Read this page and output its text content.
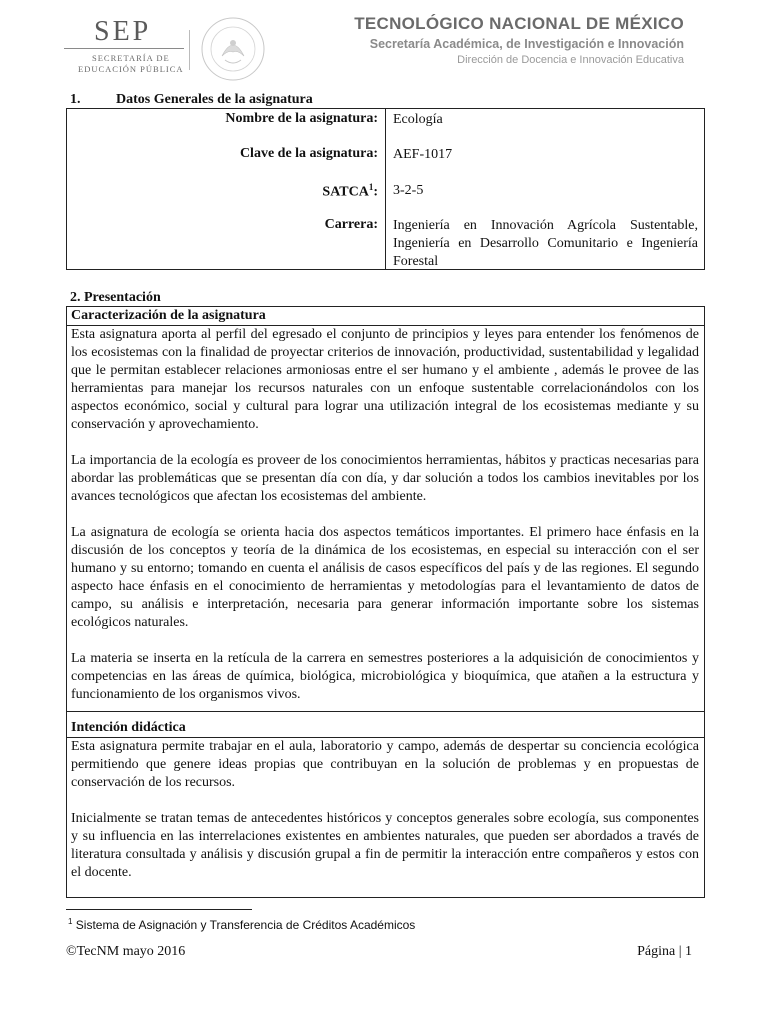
SEP
SECRETARÍA DE
EDUCACIÓN PÚBLICA
TECNOLÓGICO NACIONAL DE MÉXICO
Secretaría Académica, de Investigación e Innovación
Dirección de Docencia e Innovación Educativa
1.	Datos Generales de la asignatura
Nombre de la asignatura: Ecología
Clave de la asignatura: AEF-1017
SATCA$^1$: 3-2-5
Carrera: Ingeniería en Innovación Agrícola Sustentable, Ingeniería en Desarrollo Comunitario e Ingeniería Forestal
2. Presentación
Caracterización de la asignatura
Esta asignatura aporta al perfil del egresado el conjunto de principios y leyes para entender los fenómenos de los ecosistemas con la finalidad de proyectar criterios de innovación, productividad, sustentabilidad y legalidad que le permitan establecer relaciones armoniosas entre el ser humano y el ambiente , además le provee de las herramientas para manejar los recursos naturales con un enfoque sustentable correlacionándolos con los aspectos económico, social y cultural para lograr una utilización integral de los ecosistemas mediante y su conservación y aprovechamiento.
La importancia de la ecología es proveer de los conocimientos herramientas, hábitos y practicas necesarias para abordar las problemáticas que se presentan día con día, y dar solución a todos los cambios inevitables por los avances tecnológicos que afectan los ecosistemas del ambiente.
La asignatura de ecología se orienta hacia dos aspectos temáticos importantes. El primero hace énfasis en la discusión de los conceptos y teoría de la dinámica de los ecosistemas, en especial su interacción con el ser humano y su entorno; tomando en cuenta el análisis de casos específicos del país y de las regiones. El segundo aspecto hace énfasis en el conocimiento de herramientas y metodologías para el levantamiento de datos de campo, su análisis e interpretación, necesaria para generar información importante sobre los sistemas ecológicos naturales.
La materia se inserta en la retícula de la carrera en semestres posteriores a la adquisición de conocimientos y competencias en las áreas de química, biológica, microbiológica y bioquímica, que atañen a la estructura y funcionamiento de los organismos vivos.
Intención didáctica
Esta asignatura permite trabajar en el aula, laboratorio y campo, además de despertar su conciencia ecológica permitiendo que genere ideas propias que contribuyan en la solución de problemas y en propuestas de conservación de los recursos.
Inicialmente se tratan temas de antecedentes históricos y conceptos generales sobre ecología, sus componentes y su influencia en las interrelaciones existentes en ambientes naturales, que pueden ser abordados a través de literatura consultada y análisis y discusión grupal a fin de permitir la interacción entre compañeros y estos con el docente.
$^1$ Sistema de Asignación y Transferencia de Créditos Académicos
©TecNM mayo 2016	Página | 1
